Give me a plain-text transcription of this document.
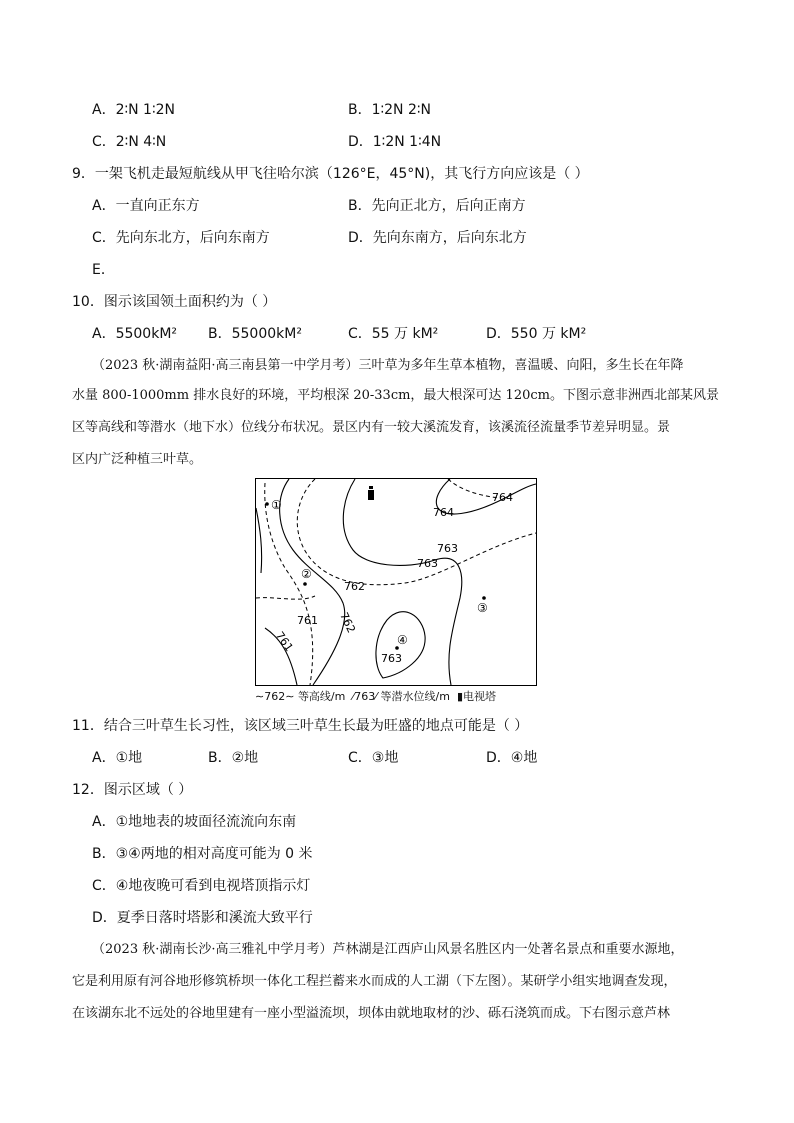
A．2∶N 1∶2N	B．1∶2N 2∶N
C．2∶N 4∶N	D．1∶2N 1∶4N
9．一架飞机走最短航线从甲飞往哈尔滨（126°E，45°N)，其飞行方向应该是（ ）
A．一直向正东方	B．先向正北方，后向正南方
C．先向东北方，后向东南方	D．先向东南方，后向东北方
E．
10．图示该国领土面积约为（ ）
A．5500kM² B．55000kM²	C．55 万 kM²	D．550 万 kM²
（2023 秋·湖南益阳·高三南县第一中学月考）三叶草为多年生草本植物，喜温暖、向阳，多生长在年降
水量 800-1000mm 排水良好的环境，平均根深 20-33cm，最大根深可达 120cm。下图示意非洲西北部某风景
区等高线和等潜水（地下水）位线分布状况。景区内有一较大溪流发育，该溪流径流量季节差异明显。景
区内广泛种植三叶草。
①
②
③
④
764
764
763
763
763
762
762
761
761
∼762∼ 等高线/m ⁄763⁄ 等潜水位线/m ▮电视塔
11．结合三叶草生长习性，该区域三叶草生长最为旺盛的地点可能是（ ）
A．①地	B．②地	C．③地	D．④地
12．图示区域（ ）
A．①地地表的坡面径流流向东南
B．③④两地的相对高度可能为 0 米
C．④地夜晚可看到电视塔顶指示灯
D．夏季日落时塔影和溪流大致平行
（2023 秋·湖南长沙·高三雅礼中学月考）芦林湖是江西庐山风景名胜区内一处著名景点和重要水源地，
它是利用原有河谷地形修筑桥坝一体化工程拦蓄来水而成的人工湖（下左图）。某研学小组实地调查发现，
在该湖东北不远处的谷地里建有一座小型溢流坝，坝体由就地取材的沙、砾石浇筑而成。下右图示意芦林
